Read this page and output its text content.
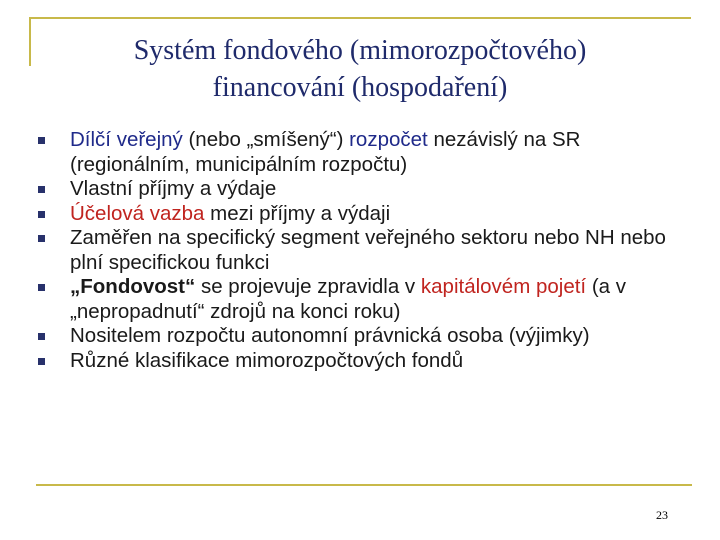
Systém fondového (mimorozpočtového)
financování (hospodaření)
Dílčí veřejný (nebo „smíšený“) rozpočet nezávislý na SR (regionálním, municipálním rozpočtu)
Vlastní příjmy a výdaje
Účelová vazba mezi příjmy a výdaji
Zaměřen na specifický segment veřejného sektoru nebo NH nebo plní specifickou funkci
„Fondovost“ se projevuje zpravidla v kapitálovém pojetí (a v „nepropadnutí“ zdrojů na konci roku)
Nositelem rozpočtu autonomní právnická osoba (výjimky)
Různé klasifikace mimorozpočtových fondů
23
